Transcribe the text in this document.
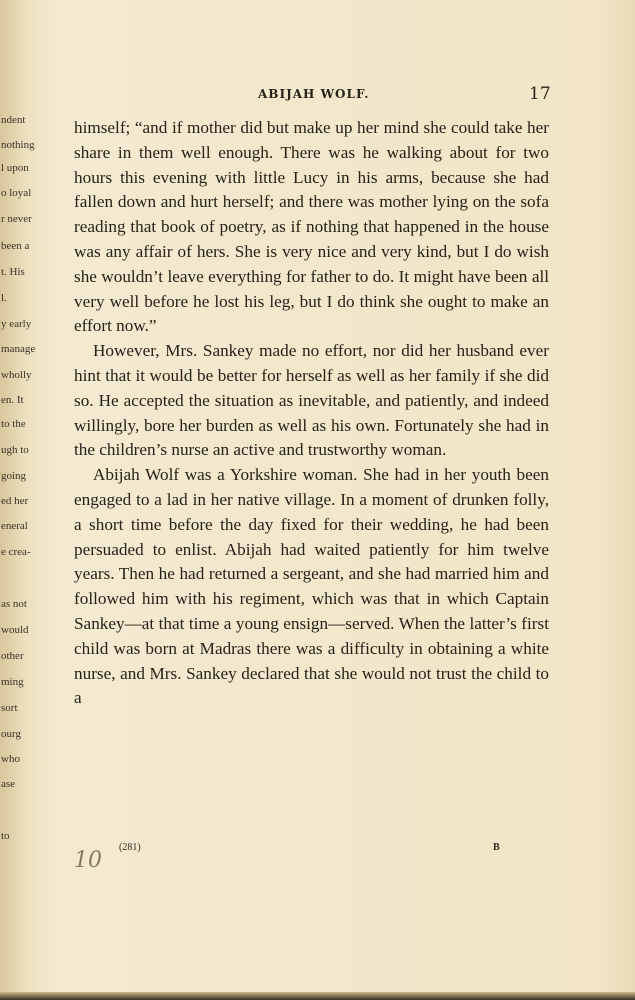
ndent
nothing
l upon
o loyal
r never
been a
t. His
l.
y early
manage
wholly
en. It
to the
ugh to
going
ed her
eneral
e crea-
as not
would
other
ming
sort
ourg
who
ase
to
ABIJAH WOLF.	17

himself; “and if mother did but make up her mind she could take her share in them well enough. There was he walking about for two hours this evening with little Lucy in his arms, because she had fallen down and hurt herself; and there was mother lying on the sofa reading that book of poetry, as if nothing that happened in the house was any affair of hers. She is very nice and very kind, but I do wish she wouldn’t leave everything for father to do. It might have been all very well before he lost his leg, but I do think she ought to make an effort now.”

However, Mrs. Sankey made no effort, nor did her husband ever hint that it would be better for herself as well as her family if she did so. He accepted the situation as inevitable, and patiently, and indeed willingly, bore her burden as well as his own. Fortunately she had in the children’s nurse an active and trustworthy woman.

Abijah Wolf was a Yorkshire woman. She had in her youth been engaged to a lad in her native village. In a moment of drunken folly, a short time before the day fixed for their wedding, he had been persuaded to enlist. Abijah had waited patiently for him twelve years. Then he had returned a sergeant, and she had married him and followed him with his regiment, which was that in which Captain Sankey—at that time a young ensign—served. When the latter’s first child was born at Madras there was a difficulty in obtaining a white nurse, and Mrs. Sankey declared that she would not trust the child to a

10
(281)	B
